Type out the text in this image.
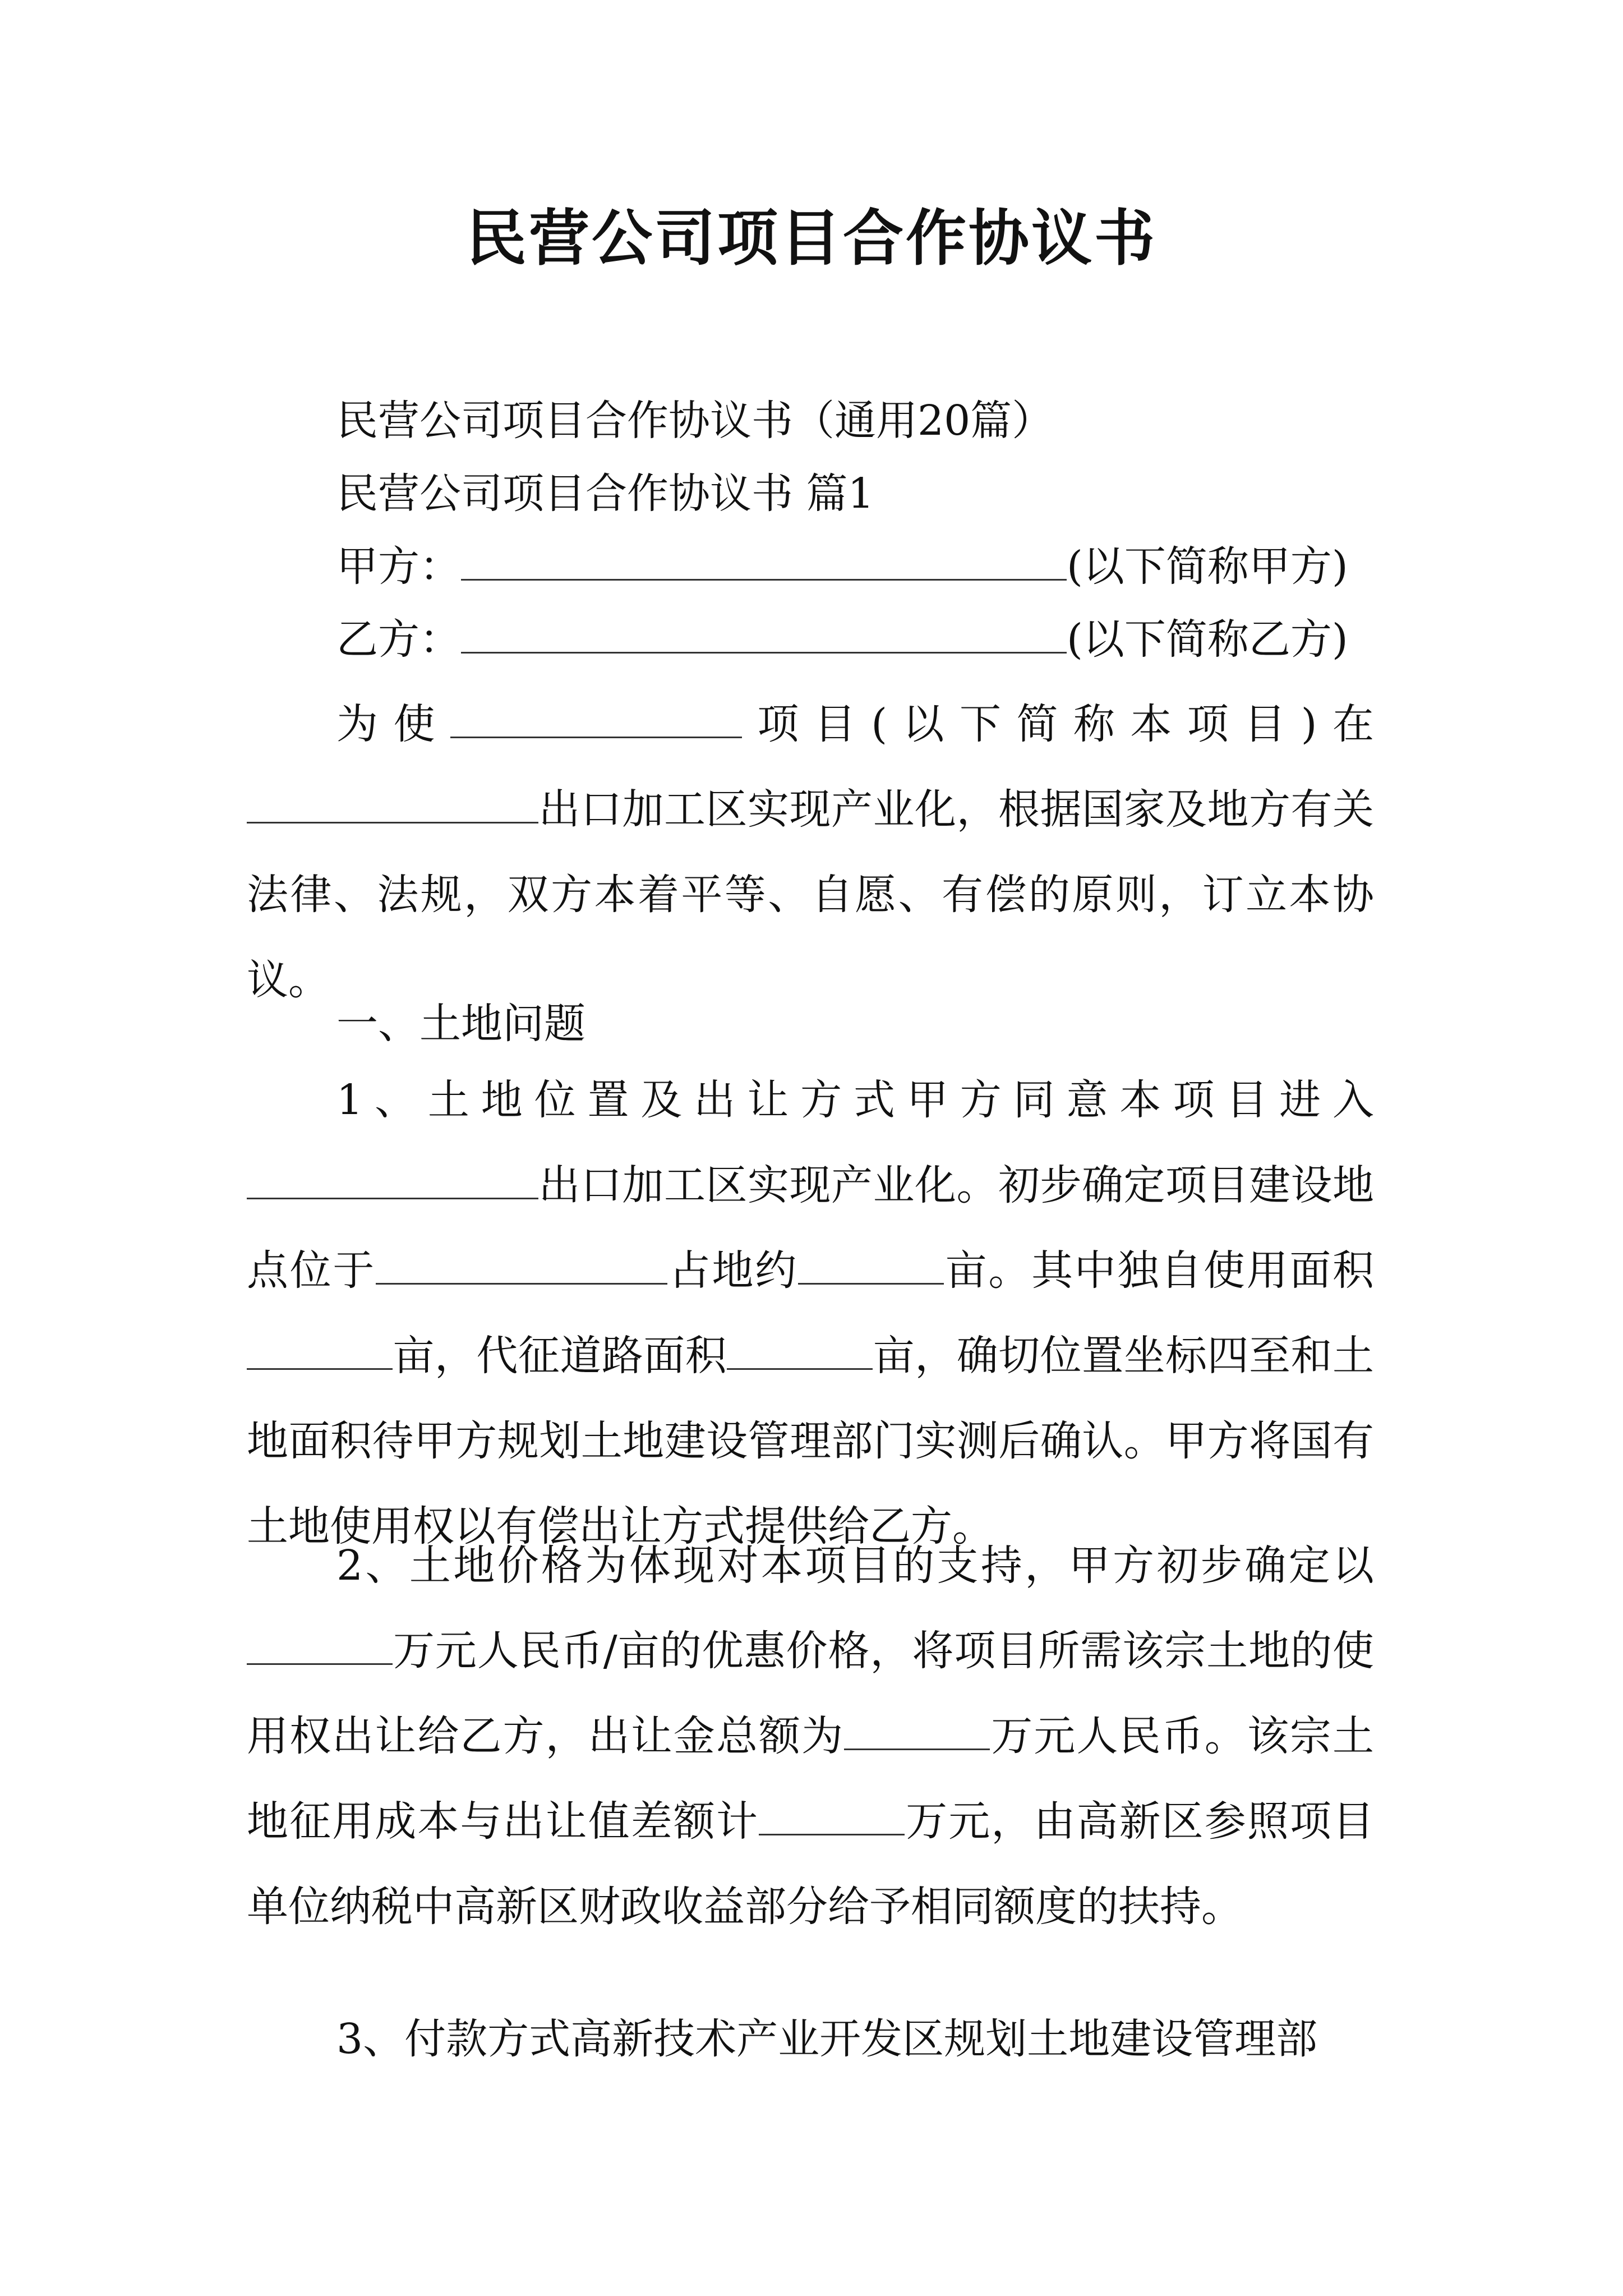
民营公司项目合作协议书
民营公司项目合作协议书（通用20篇）
民营公司项目合作协议书 篇1
甲方：	(以下简称甲方)
乙方：	(以下简称乙方)
为使	项目(以下简称本项目)在出口加工区实现产业化，根据国家及地方有关法律、法规，双方本着平等、自愿、有偿的原则，订立本协议。
一、土地问题
1、土地位置及出让方式甲方同意本项目进入出口加工区实现产业化。初步确定项目建设地点位于	占地约	亩。其中独自使用面积亩，代征道路面积	亩，确切位置坐标四至和土地面积待甲方规划土地建设管理部门实测后确认。甲方将国有土地使用权以有偿出让方式提供给乙方。
2、土地价格为体现对本项目的支持，甲方初步确定以万元人民币/亩的优惠价格，将项目所需该宗土地的使用权出让给乙方，出让金总额为	万元人民币。该宗土地征用成本与出让值差额计	万元，由高新区参照项目单位纳税中高新区财政收益部分给予相同额度的扶持。
3、付款方式高新技术产业开发区规划土地建设管理部
